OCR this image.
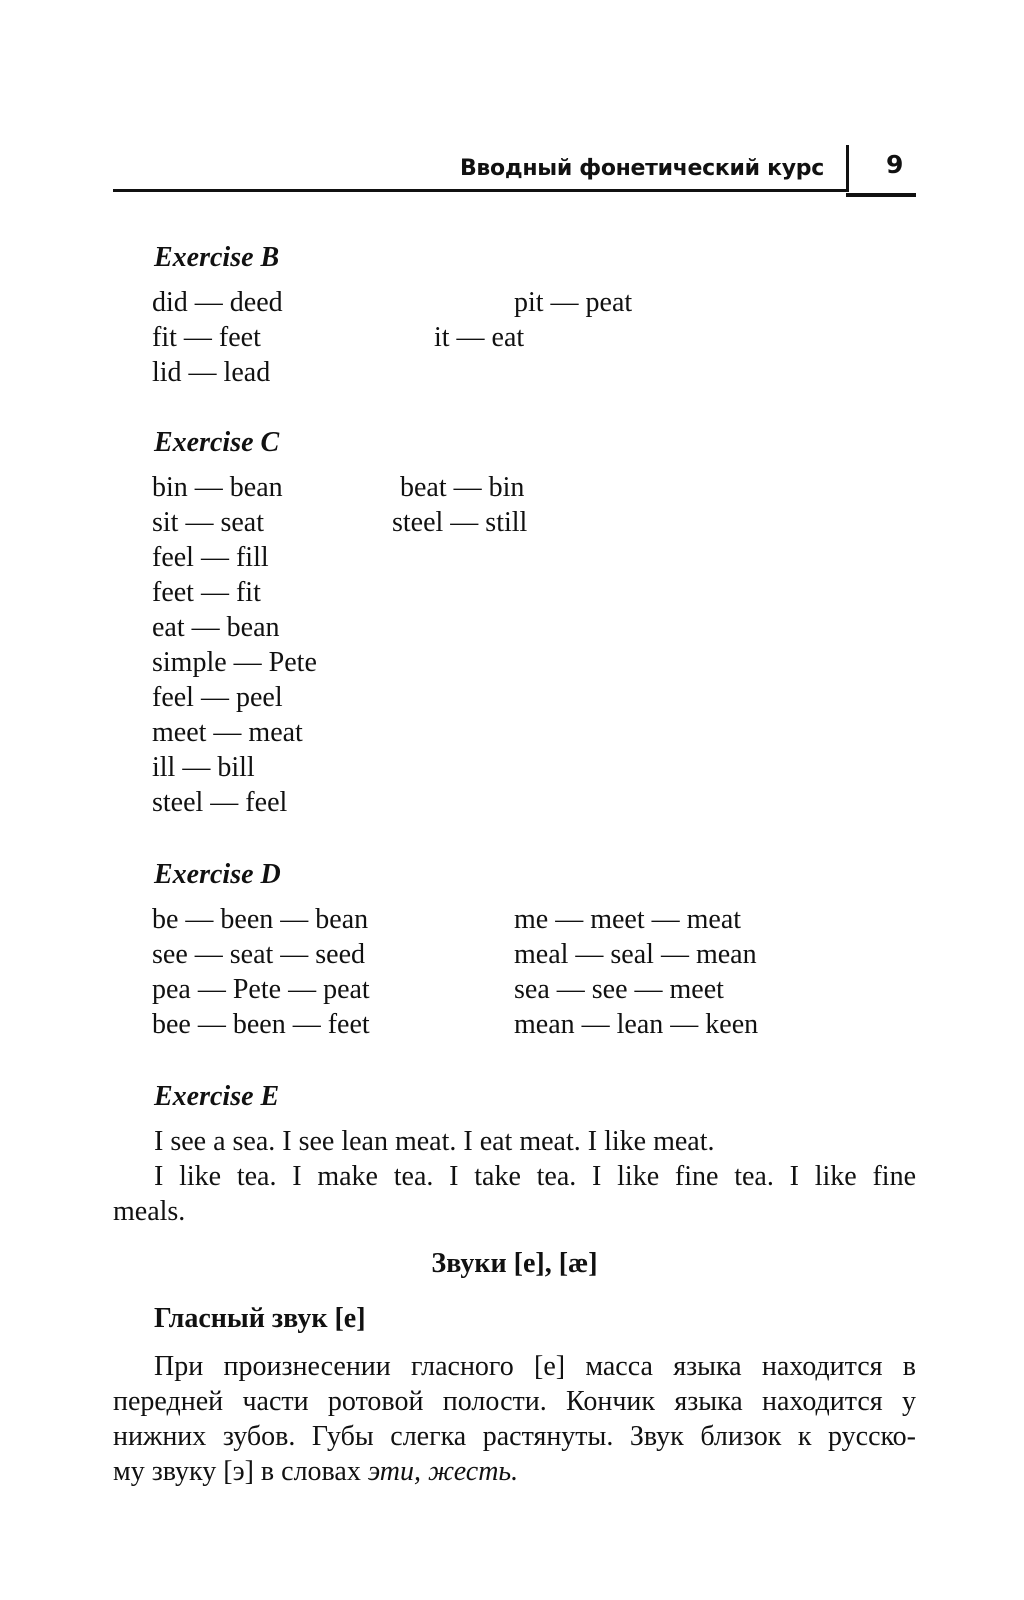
Вводный фонетический курс 9
Exercise B
did — deed
fit — feet
lid — lead
pit — peat
it — eat
Exercise C
bin — bean
sit — seat
feel — fill
feet — fit
eat — bean
simple — Pete
feel — peel
meet — meat
ill — bill
steel — feel
beat — bin
steel — still
Exercise D
be — been — bean
see — seat — seed
pea — Pete — peat
bee — been — feet
me — meet — meat
meal — seal — mean
sea — see — meet
mean — lean — keen
Exercise E
I see a sea. I see lean meat. I eat meat. I like meat.
I like tea. I make tea. I take tea. I like fine tea. I like fine
meals.
Звуки [e], [æ]
Гласный звук [e]
При произнесении гласного [e] масса языка находится в
передней части ротовой полости. Кончик языка находится у
нижних зубов. Губы слегка растянуты. Звук близок к русско-
му звуку [э] в словах эти, жесть.
